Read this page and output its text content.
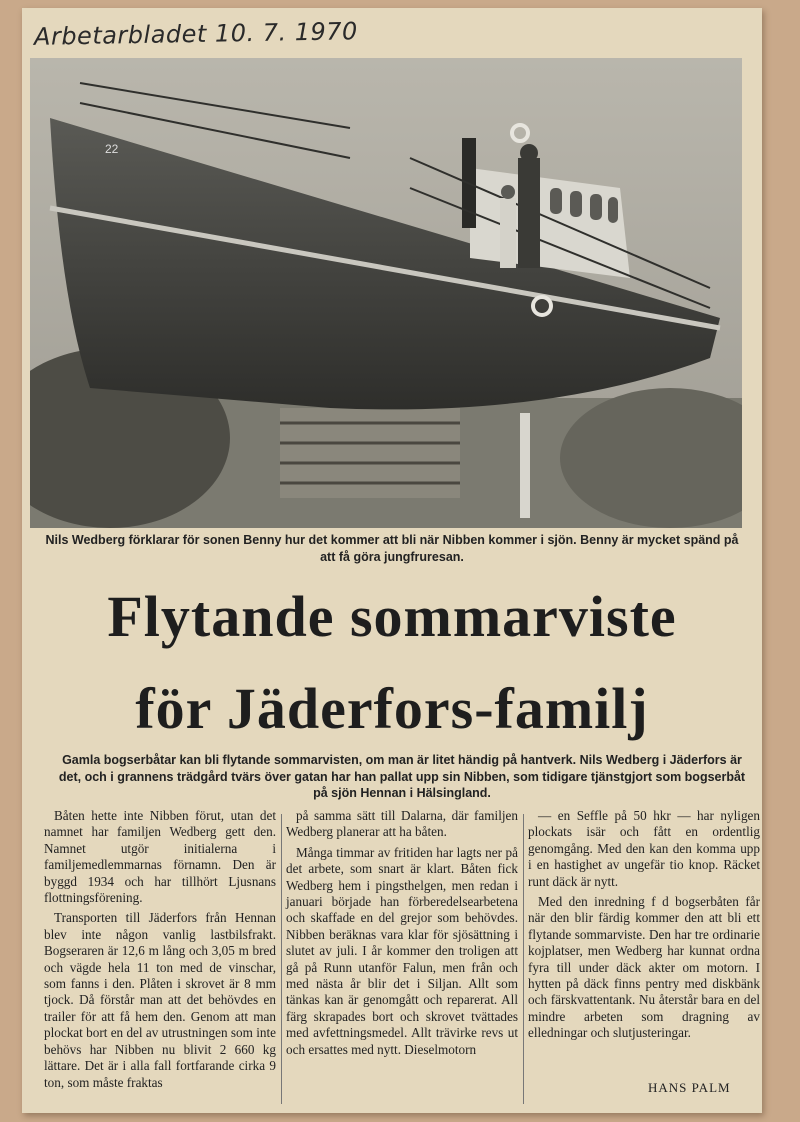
Arbetarbladet 10. 7. 1970
22
Nils Wedberg förklarar för sonen Benny hur det kommer att bli när Nibben kommer i sjön. Benny är mycket spänd på att få göra jungfruresan.
Flytande sommarviste
för Jäderfors-familj
Gamla bogserbåtar kan bli flytande sommarvisten, om man är litet händig på hantverk. Nils Wedberg i Jäderfors är det, och i grannens trädgård tvärs över gatan har han pallat upp sin Nibben, som tidigare tjänstgjort som bogserbåt på sjön Hennan i Hälsingland.

Båten hette inte Nibben förut, utan det namnet har familjen Wedberg gett den. Namnet utgör initialerna i familjemedlemmarnas förnamn. Den är byggd 1934 och har tillhört Ljusnans flottningsförening.

Transporten till Jäderfors från Hennan blev inte någon vanlig lastbilsfrakt. Bogseraren är 12,6 m lång och 3,05 m bred och vägde hela 11 ton med de vinschar, som fanns i den. Plåten i skrovet är 8 mm tjock. Då förstår man att det behövdes en trailer för att få hem den. Genom att man plockat bort en del av utrustningen som inte behövs har Nibben nu blivit 2 660 kg lättare. Det är i alla fall fortfarande cirka 9 ton, som måste fraktas

på samma sätt till Dalarna, där familjen Wedberg planerar att ha båten.

Många timmar av fritiden har lagts ner på det arbete, som snart är klart. Båten fick Wedberg hem i pingsthelgen, men redan i januari började han förberedelsearbetena och skaffade en del grejor som behövdes. Nibben beräknas vara klar för sjösättning i slutet av juli. I år kommer den troligen att gå på Runn utanför Falun, men från och med nästa år blir det i Siljan. Allt som tänkas kan är genomgått och reparerat. All färg skrapades bort och skrovet tvättades med avfettningsmedel. Allt trävirke revs ut och ersattes med nytt. Dieselmotorn

— en Seffle på 50 hkr — har nyligen plockats isär och fått en ordentlig genomgång. Med den kan den komma upp i en hastighet av ungefär tio knop. Räcket runt däck är nytt.

Med den inredning f d bogserbåten får när den blir färdig kommer den att bli ett flytande sommarviste. Den har tre ordinarie kojplatser, men Wedberg har kunnat ordna fyra till under däck akter om motorn. I hytten på däck finns pentry med diskbänk och färskvattentank. Nu återstår bara en del mindre arbeten som dragning av elledningar och slutjusteringar.

HANS PALM
